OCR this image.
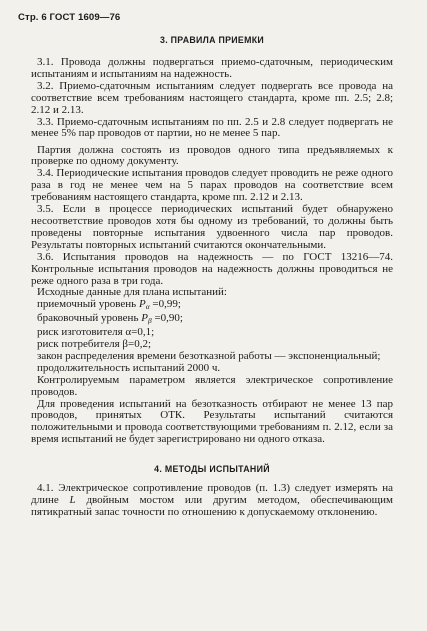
Стр. 6 ГОСТ 1609—76
3. ПРАВИЛА ПРИЕМКИ

3.1. Провода должны подвергаться приемо-сдаточным, периодическим испытаниям и испытаниям на надежность.

3.2. Приемо-сдаточным испытаниям следует подвергать все провода на соответствие всем требованиям настоящего стандарта, кроме пп. 2.5; 2.8; 2.12 и 2.13.

3.3. Приемо-сдаточным испытаниям по пп. 2.5 и 2.8 следует подвергать не менее 5% пар проводов от партии, но не менее 5 пар.

Партия должна состоять из проводов одного типа предъявляемых к проверке по одному документу.

3.4. Периодические испытания проводов следует проводить не реже одного раза в год не менее чем на 5 парах проводов на соответствие всем требованиям настоящего стандарта, кроме пп. 2.12 и 2.13.

3.5. Если в процессе периодических испытаний будет обнаружено несоответствие проводов хотя бы одному из требований, то должны быть проведены повторные испытания удвоенного числа пар проводов. Результаты повторных испытаний считаются окончательными.

3.6. Испытания проводов на надежность — по ГОСТ 13216—74. Контрольные испытания проводов на надежность должны проводиться не реже одного раза в три года.

Исходные данные для плана испытаний:

приемочный уровень $P_\alpha =0,99$;

браковочный уровень $P_\beta =0,90$;

риск изготовителя α=0,1;

риск потребителя β=0,2;

закон распределения времени безотказной работы — экспоненциальный;

продолжительность испытаний 2000 ч.

Контролируемым параметром является электрическое сопротивление проводов.

Для проведения испытаний на безотказность отбирают не менее 13 пар проводов, принятых ОТК. Результаты испытаний считаются положительными и провода соответствующими требованиям п. 2.12, если за время испытаний не будет зарегистрировано ни одного отказа.

4. МЕТОДЫ ИСПЫТАНИЙ

4.1. Электрическое сопротивление проводов (п. 1.3) следует измерять на длине L двойным мостом или другим методом, обеспечивающим пятикратный запас точности по отношению к допускаемому отклонению.
